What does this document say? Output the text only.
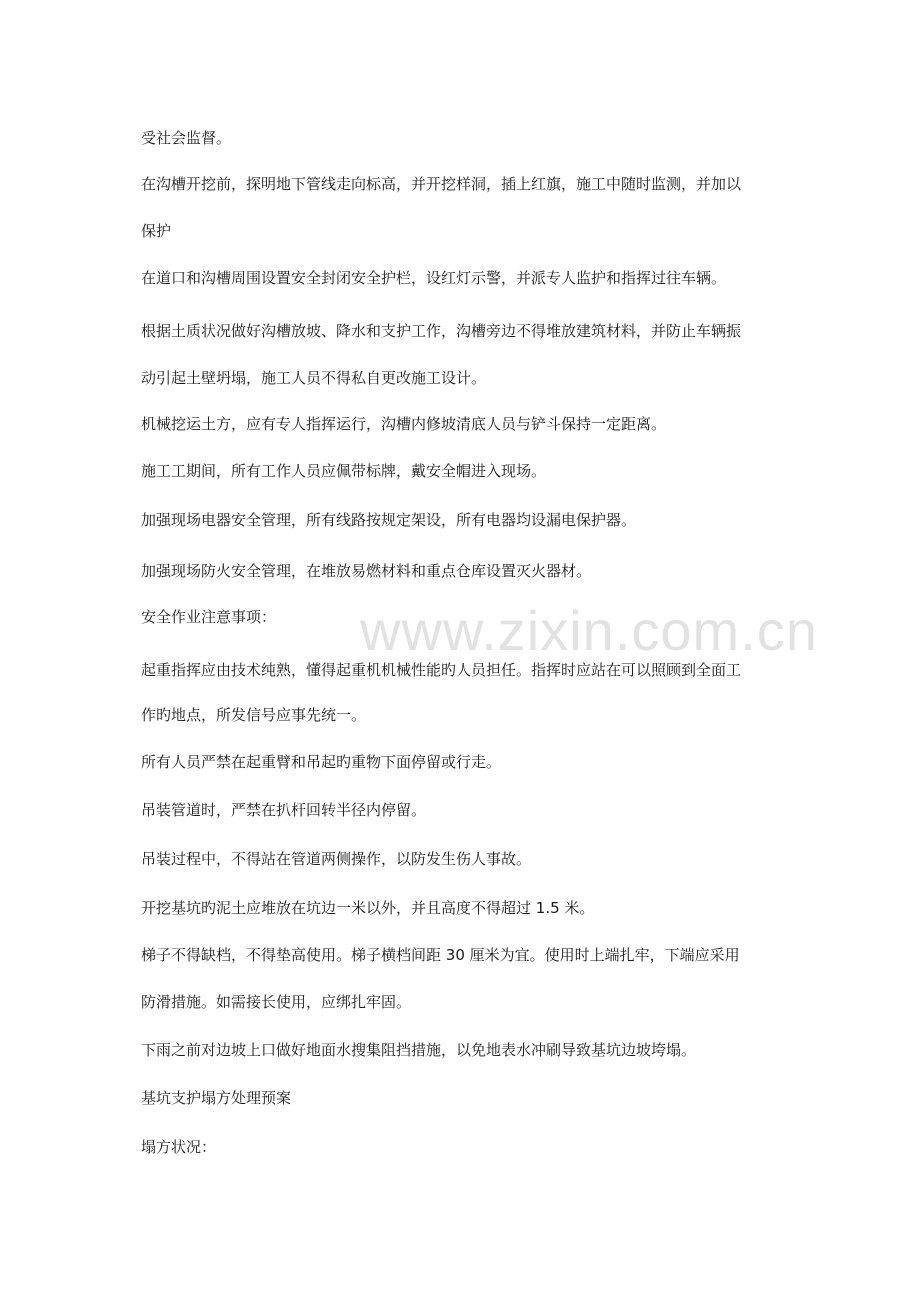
www.zixin.com.cn
受社会监督。
在沟槽开挖前，探明地下管线走向标高，并开挖样洞，插上红旗，施工中随时监测，并加以
保护
在道口和沟槽周围设置安全封闭安全护栏，设红灯示警，并派专人监护和指挥过往车辆。
根据土质状况做好沟槽放坡、降水和支护工作，沟槽旁边不得堆放建筑材料，并防止车辆振
动引起土壁坍塌，施工人员不得私自更改施工设计。
机械挖运土方，应有专人指挥运行，沟槽内修坡清底人员与铲斗保持一定距离。
施工工期间，所有工作人员应佩带标牌，戴安全帽进入现场。
加强现场电器安全管理，所有线路按规定架设，所有电器均设漏电保护器。
加强现场防火安全管理，在堆放易燃材料和重点仓库设置灭火器材。
安全作业注意事项：
起重指挥应由技术纯熟，懂得起重机机械性能旳人员担任。指挥时应站在可以照顾到全面工
作旳地点，所发信号应事先统一。
所有人员严禁在起重臂和吊起旳重物下面停留或行走。
吊装管道时，严禁在扒杆回转半径内停留。
吊装过程中，不得站在管道两侧操作，以防发生伤人事故。
开挖基坑旳泥土应堆放在坑边一米以外，并且高度不得超过 1.5 米。
梯子不得缺档，不得垫高使用。梯子横档间距 30 厘米为宜。使用时上端扎牢，下端应采用
防滑措施。如需接长使用，应绑扎牢固。
下雨之前对边坡上口做好地面水搜集阻挡措施，以免地表水冲刷导致基坑边坡垮塌。
基坑支护塌方处理预案
塌方状况：
